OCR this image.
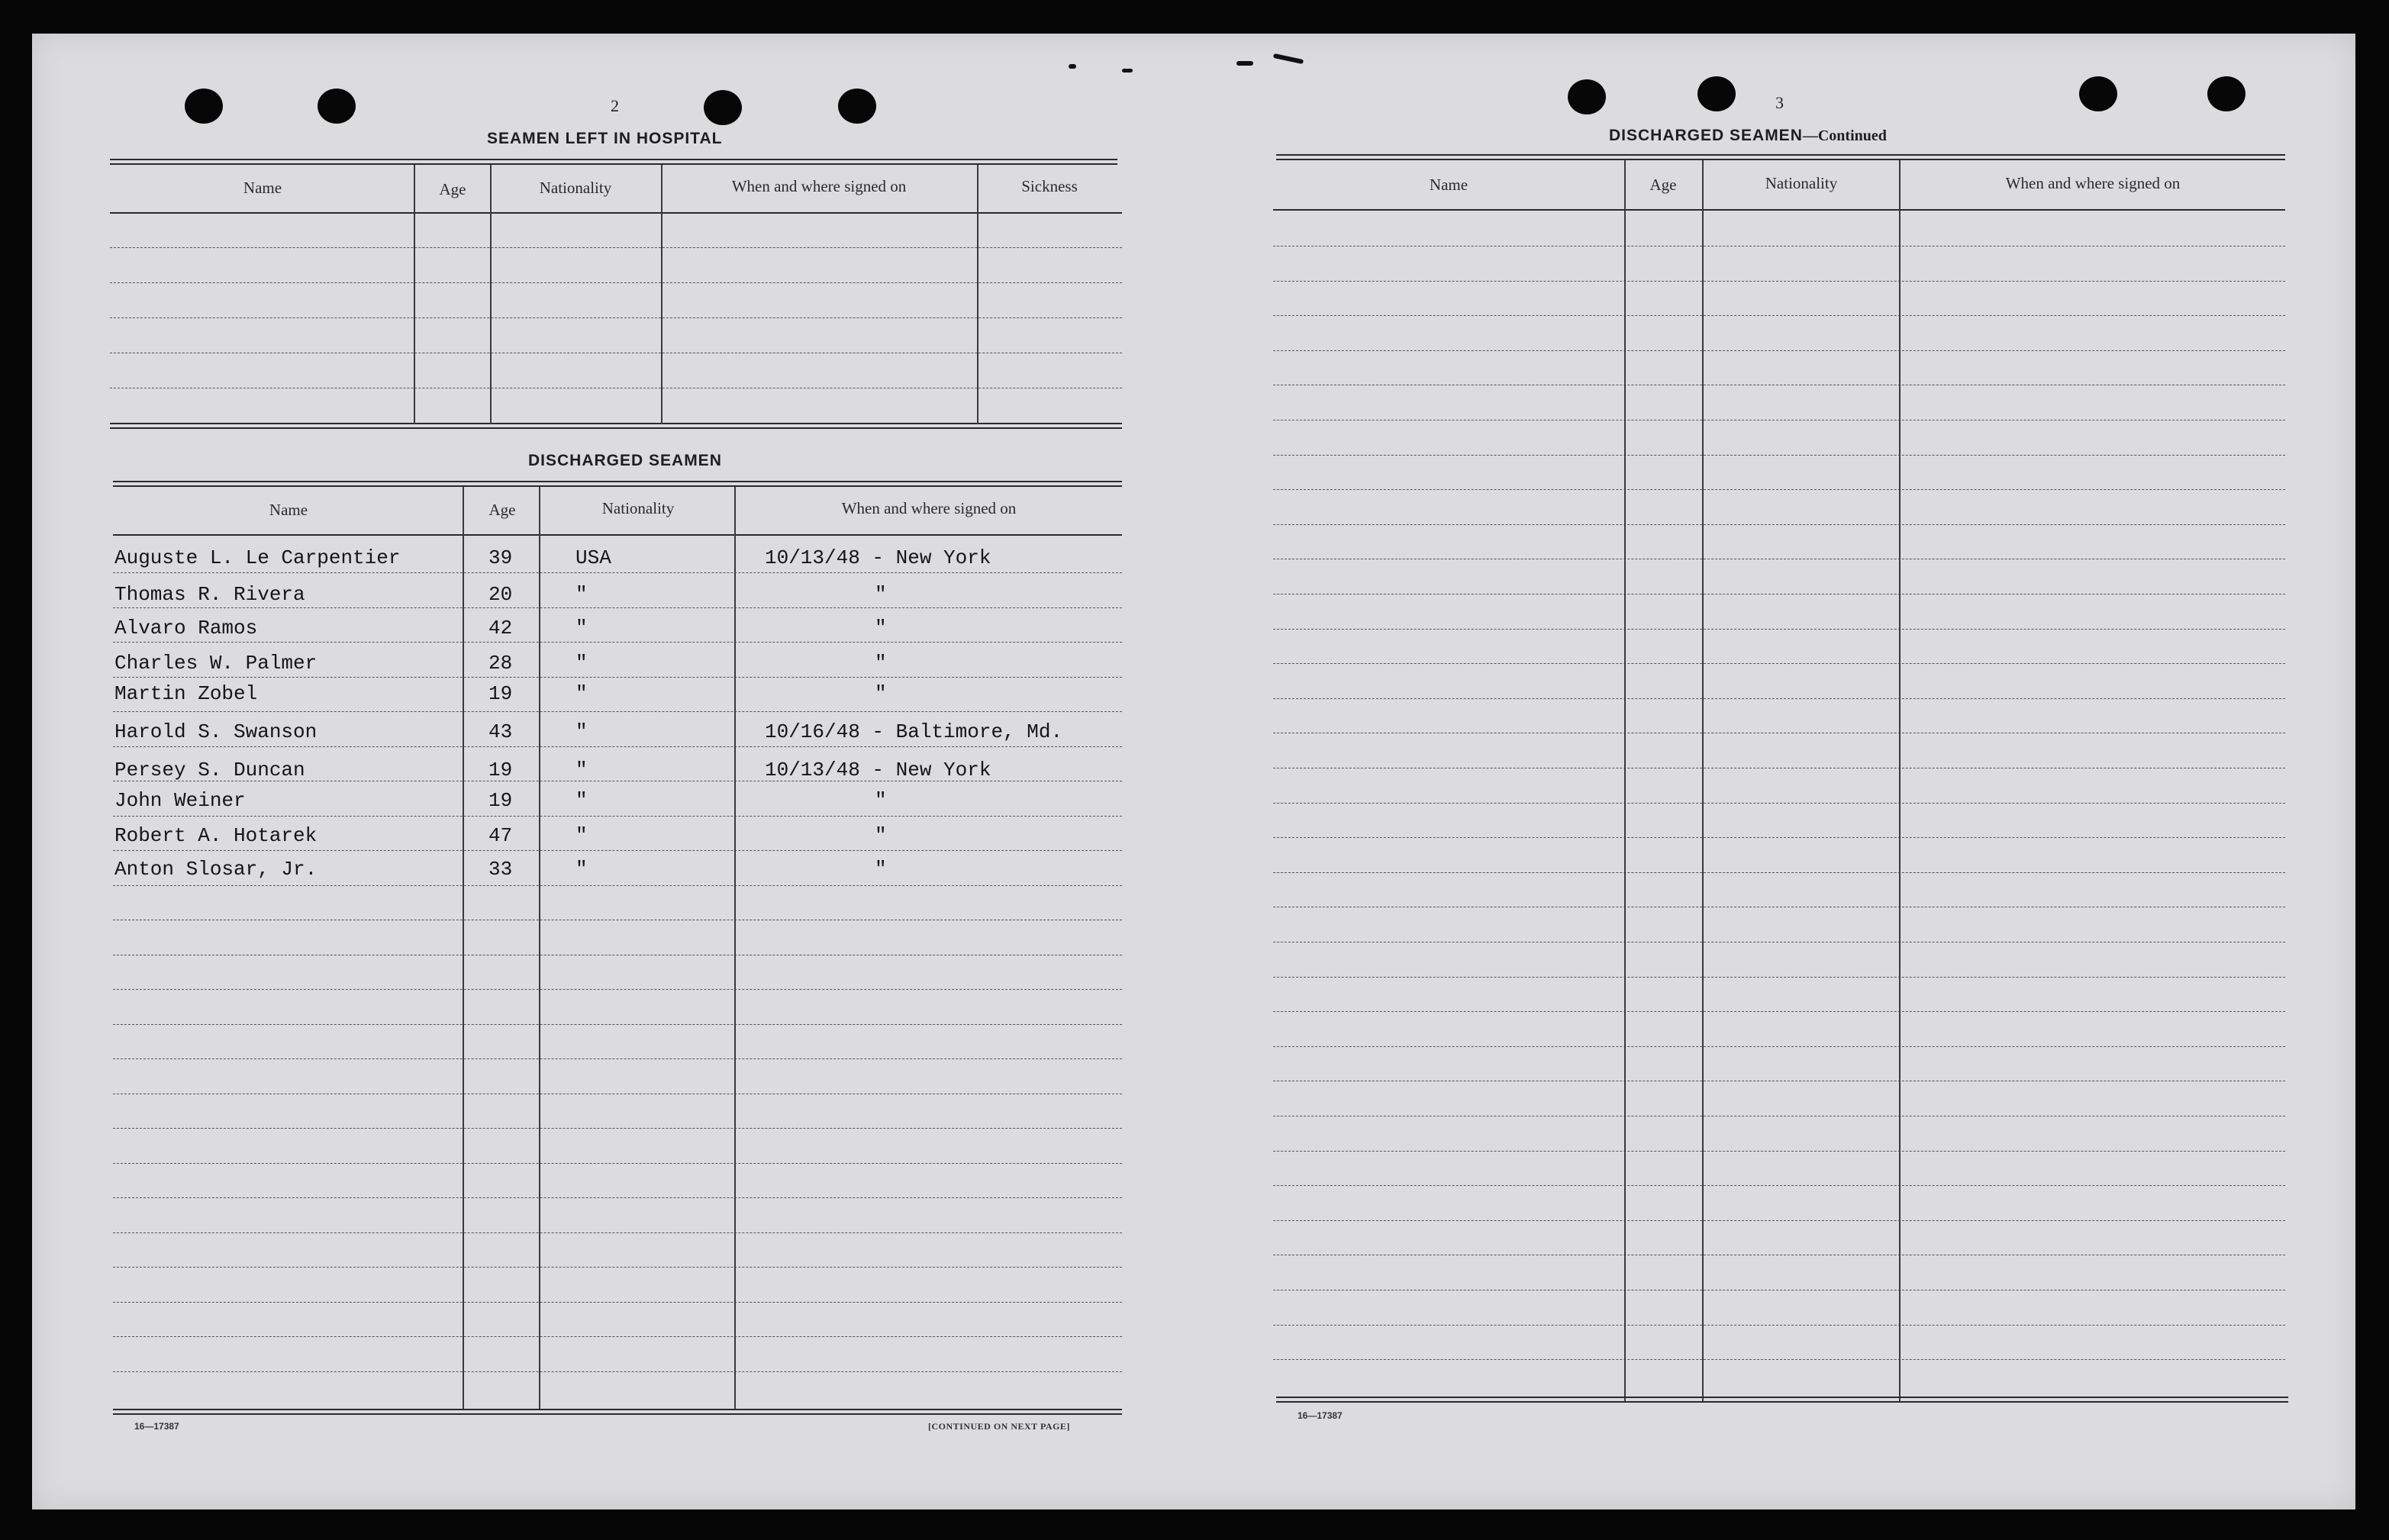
2
SEAMEN LEFT IN HOSPITAL
Name	Age	Nationality	When and where signed on	Sickness
DISCHARGED SEAMEN
Name	Age	Nationality	When and where signed on
Auguste L. Le Carpentier	39	USA	10/13/48 - New York
Thomas R. Rivera	20	"	"
Alvaro Ramos	42	"	"
Charles W. Palmer	28	"	"
Martin Zobel	19	"	"
Harold S. Swanson	43	"	10/16/48 - Baltimore, Md.
Persey S. Duncan	19	"	10/13/48 - New York
John Weiner	19	"	"
Robert A. Hotarek	47	"	"
Anton Slosar, Jr.	33	"	"
16—17387	[CONTINUED ON NEXT PAGE]
3
DISCHARGED SEAMEN—Continued
Name	Age	Nationality	When and where signed on
16—17387
